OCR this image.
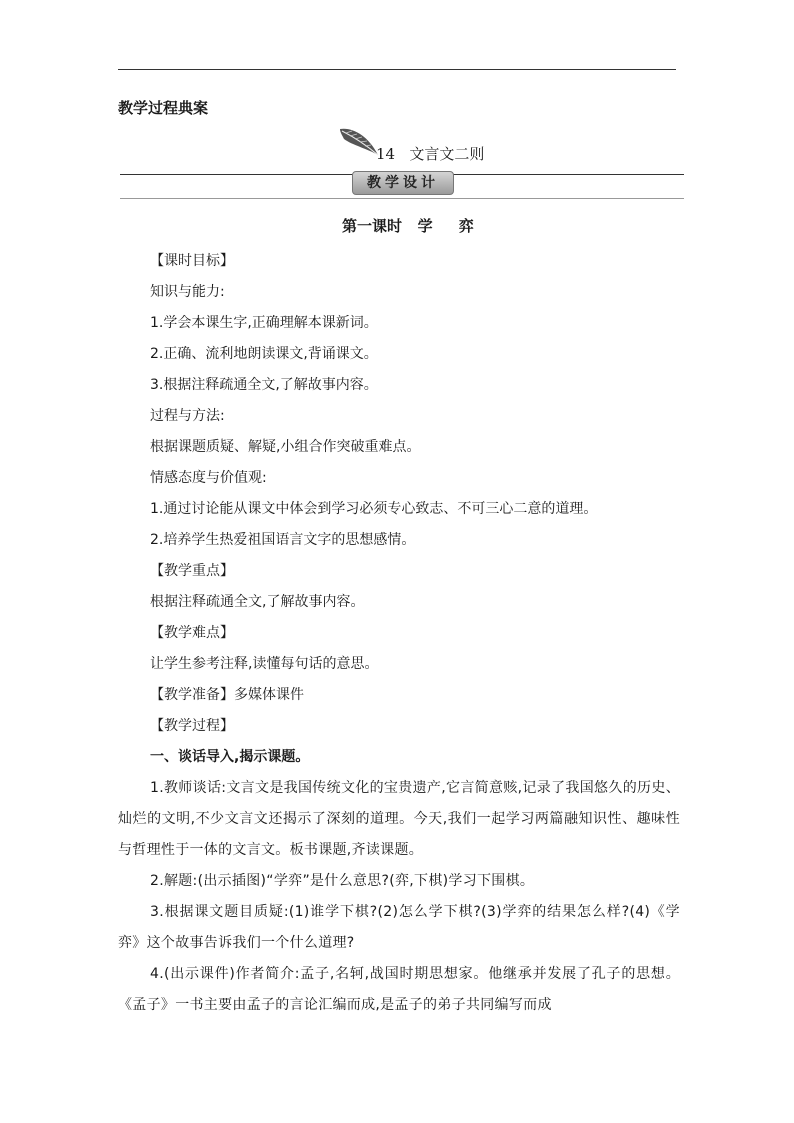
教学过程典案
14 文言文二则
教学设计
第一课时   学     弈
【课时目标】
知识与能力:
1.学会本课生字,正确理解本课新词。
2.正确、流利地朗读课文,背诵课文。
3.根据注释疏通全文,了解故事内容。
过程与方法:
根据课题质疑、解疑,小组合作突破重难点。
情感态度与价值观:
1.通过讨论能从课文中体会到学习必须专心致志、不可三心二意的道理。
2.培养学生热爱祖国语言文字的思想感情。
【教学重点】
根据注释疏通全文,了解故事内容。
【教学难点】
让学生参考注释,读懂每句话的意思。
【教学准备】多媒体课件
【教学过程】
一、谈话导入,揭示课题。
1.教师谈话:文言文是我国传统文化的宝贵遗产,它言简意赅,记录了我国悠久的历史、灿烂的文明,不少文言文还揭示了深刻的道理。今天,我们一起学习两篇融知识性、趣味性与哲理性于一体的文言文。板书课题,齐读课题。
2.解题:(出示插图)“学弈”是什么意思?(弈,下棋)学习下围棋。
3.根据课文题目质疑:(1)谁学下棋?(2)怎么学下棋?(3)学弈的结果怎么样?(4)《学弈》这个故事告诉我们一个什么道理?
4.(出示课件)作者简介:孟子,名轲,战国时期思想家。他继承并发展了孔子的思想。《孟子》一书主要由孟子的言论汇编而成,是孟子的弟子共同编写而成
